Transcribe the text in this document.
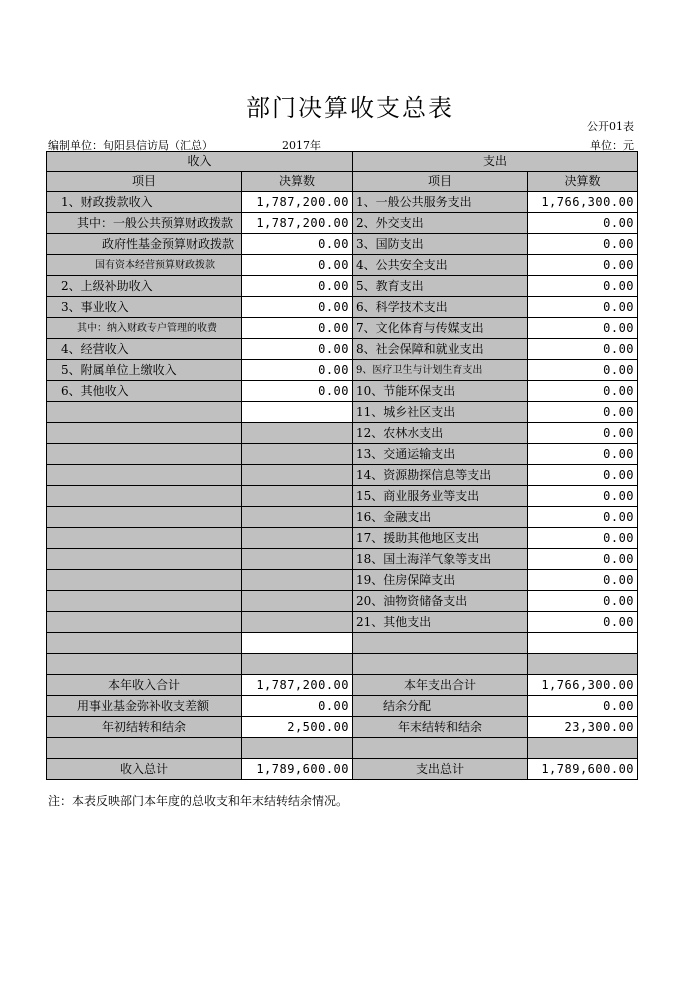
部门决算收支总表
公开01表
编制单位：旬阳县信访局（汇总）	2017年	单位：元
收入		支出	
项目	决算数	项目	决算数
1、财政拨款收入	1,787,200.00	1、一般公共服务支出	1,766,300.00
其中：一般公共预算财政拨款	1,787,200.00	2、外交支出	0.00
政府性基金预算财政拨款	0.00	3、国防支出	0.00
国有资本经营预算财政拨款	0.00	4、公共安全支出	0.00
2、上级补助收入	0.00	5、教育支出	0.00
3、事业收入	0.00	6、科学技术支出	0.00
其中：纳入财政专户管理的收费	0.00	7、文化体育与传媒支出	0.00
4、经营收入	0.00	8、社会保障和就业支出	0.00
5、附属单位上缴收入	0.00	9、医疗卫生与计划生育支出	0.00
6、其他收入	0.00	10、节能环保支出	0.00
		11、城乡社区支出	0.00
		12、农林水支出	0.00
		13、交通运输支出	0.00
		14、资源勘探信息等支出	0.00
		15、商业服务业等支出	0.00
		16、金融支出	0.00
		17、援助其他地区支出	0.00
		18、国土海洋气象等支出	0.00
		19、住房保障支出	0.00
		20、油物资储备支出	0.00
		21、其他支出	0.00

本年收入合计	1,787,200.00	本年支出合计	1,766,300.00
用事业基金弥补收支差额	0.00	结余分配	0.00
年初结转和结余	2,500.00	年末结转和结余	23,300.00

收入总计	1,789,600.00	支出总计	1,789,600.00
注：本表反映部门本年度的总收支和年末结转结余情况。
